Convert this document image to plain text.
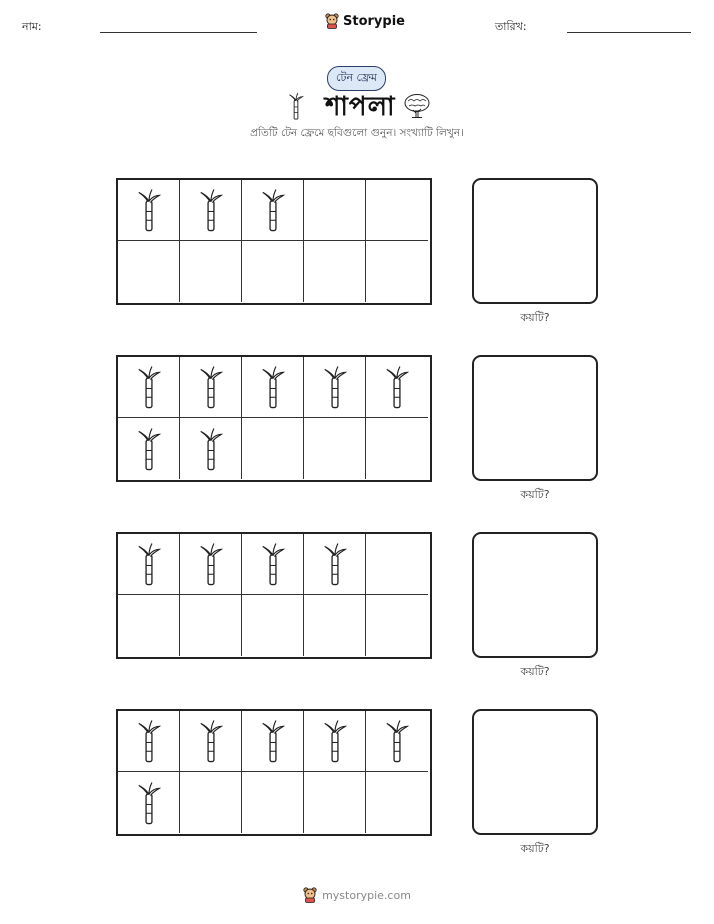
নাম:	Storypie	তারিখ:
টেন ফ্রেম
শাপলা
প্রতিটি টেন ফ্রেমে ছবিগুলো গুনুন। সংখ্যাটি লিখুন।
কয়টি?
কয়টি?
কয়টি?
কয়টি?
mystorypie.com
